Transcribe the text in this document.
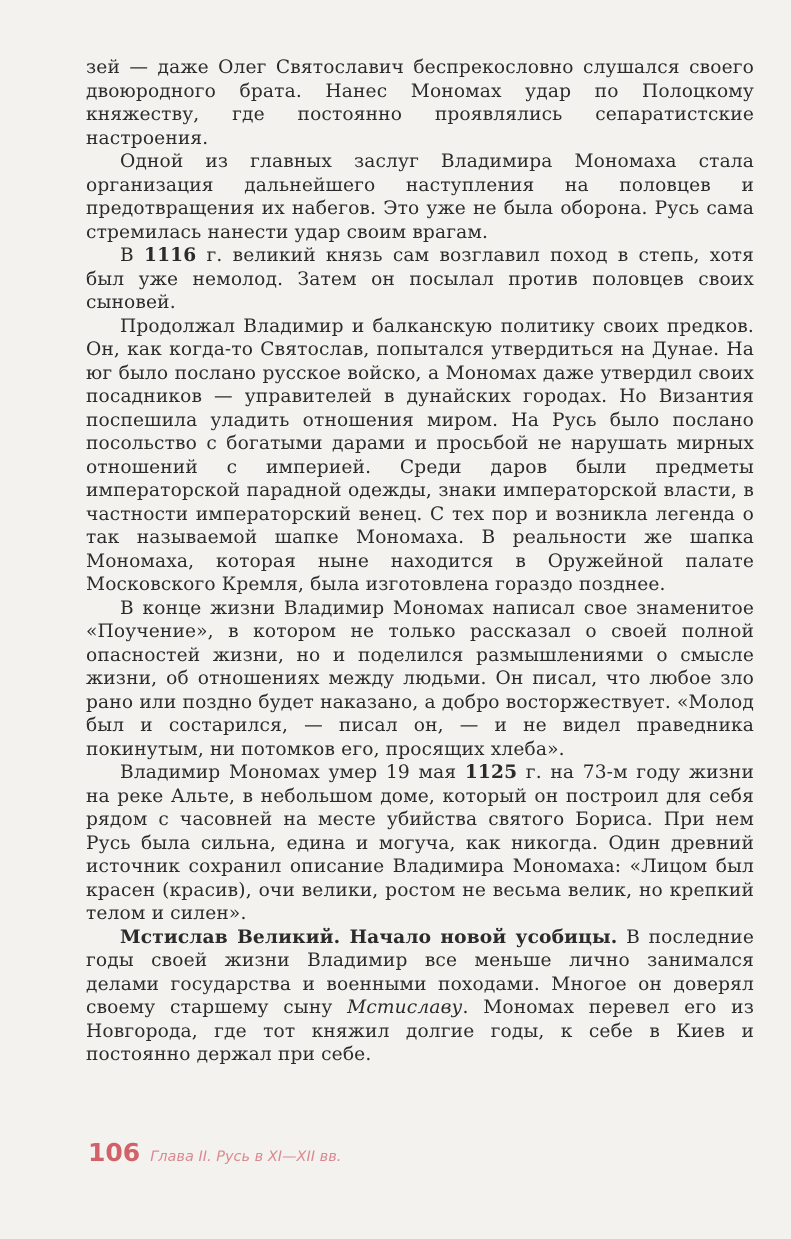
зей — даже Олег Святославич беспрекословно слушался своего двоюродного брата. Нанес Мономах удар по Полоцкому княжеству, где постоянно проявлялись сепаратистские настроения.

Одной из главных заслуг Владимира Мономаха стала организация дальнейшего наступления на половцев и предотвращения их набегов. Это уже не была оборона. Русь сама стремилась нанести удар своим врагам.

В 1116 г. великий князь сам возглавил поход в степь, хотя был уже немолод. Затем он посылал против половцев своих сыновей.

Продолжал Владимир и балканскую политику своих предков. Он, как когда-то Святослав, попытался утвердиться на Дунае. На юг было послано русское войско, а Мономах даже утвердил своих посадников — управителей в дунайских городах. Но Византия поспешила уладить отношения миром. На Русь было послано посольство с богатыми дарами и просьбой не нарушать мирных отношений с империей. Среди даров были предметы императорской парадной одежды, знаки императорской власти, в частности императорский венец. С тех пор и возникла легенда о так называемой шапке Мономаха. В реальности же шапка Мономаха, которая ныне находится в Оружейной палате Московского Кремля, была изготовлена гораздо позднее.

В конце жизни Владимир Мономах написал свое знаменитое «Поучение», в котором не только рассказал о своей полной опасностей жизни, но и поделился размышлениями о смысле жизни, об отношениях между людьми. Он писал, что любое зло рано или поздно будет наказано, а добро восторжествует. «Молод был и состарился, — писал он, — и не видел праведника покинутым, ни потомков его, просящих хлеба».

Владимир Мономах умер 19 мая 1125 г. на 73-м году жизни на реке Альте, в небольшом доме, который он построил для себя рядом с часовней на месте убийства святого Бориса. При нем Русь была сильна, едина и могуча, как никогда. Один древний источник сохранил описание Владимира Мономаха: «Лицом был красен (красив), очи велики, ростом не весьма велик, но крепкий телом и силен».

Мстислав Великий. Начало новой усобицы. В последние годы своей жизни Владимир все меньше лично занимался делами государства и военными походами. Многое он доверял своему старшему сыну Мстиславу. Мономах перевел его из Новгорода, где тот княжил долгие годы, к себе в Киев и постоянно держал при себе.

106 Глава II. Русь в XI—XII вв.
